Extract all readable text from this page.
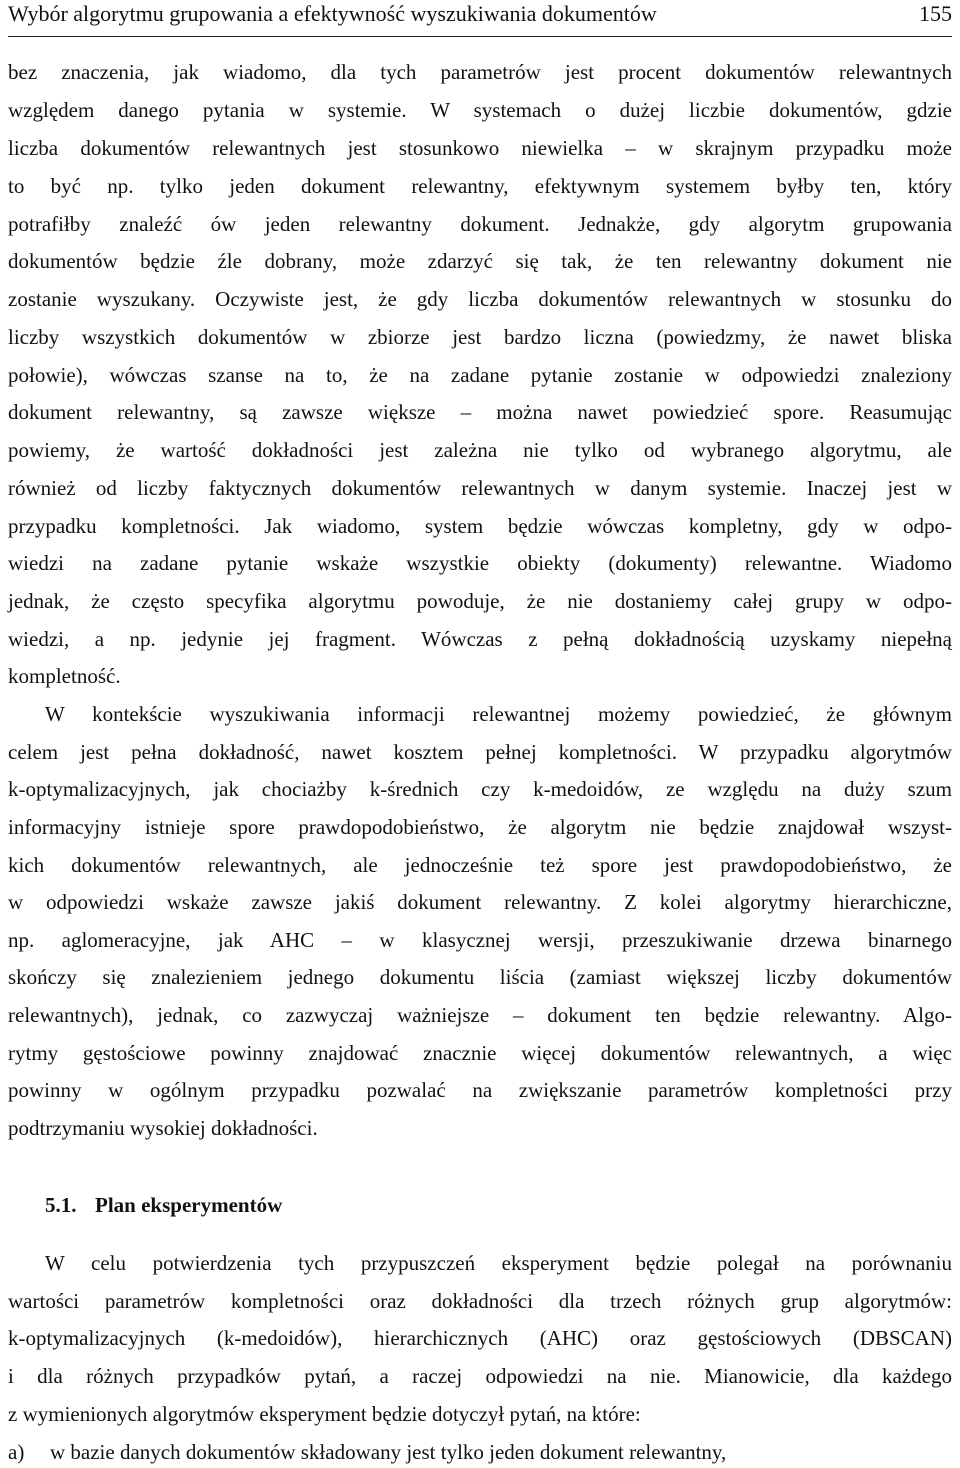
Wybór algorytmu grupowania a efektywność wyszukiwania dokumentów	155
bez znaczenia, jak wiadomo, dla tych parametrów jest procent dokumentów relewantnych
względem danego pytania w systemie. W systemach o dużej liczbie dokumentów, gdzie
liczba dokumentów relewantnych jest stosunkowo niewielka – w skrajnym przypadku może
to być np. tylko jeden dokument relewantny, efektywnym systemem byłby ten, który
potrafiłby znaleźć ów jeden relewantny dokument. Jednakże, gdy algorytm grupowania
dokumentów będzie źle dobrany, może zdarzyć się tak, że ten relewantny dokument nie
zostanie wyszukany. Oczywiste jest, że gdy liczba dokumentów relewantnych w stosunku do
liczby wszystkich dokumentów w zbiorze jest bardzo liczna (powiedzmy, że nawet bliska
połowie), wówczas szanse na to, że na zadane pytanie zostanie w odpowiedzi znaleziony
dokument relewantny, są zawsze większe – można nawet powiedzieć spore. Reasumując
powiemy, że wartość dokładności jest zależna nie tylko od wybranego algorytmu, ale
również od liczby faktycznych dokumentów relewantnych w danym systemie. Inaczej jest w
przypadku kompletności. Jak wiadomo, system będzie wówczas kompletny, gdy w odpo-
wiedzi na zadane pytanie wskaże wszystkie obiekty (dokumenty) relewantne. Wiadomo
jednak, że często specyfika algorytmu powoduje, że nie dostaniemy całej grupy w odpo-
wiedzi, a np. jedynie jej fragment. Wówczas z pełną dokładnością uzyskamy niepełną
kompletność.
W kontekście wyszukiwania informacji relewantnej możemy powiedzieć, że głównym
celem jest pełna dokładność, nawet kosztem pełnej kompletności. W przypadku algorytmów
k-optymalizacyjnych, jak chociażby k-średnich czy k-medoidów, ze względu na duży szum
informacyjny istnieje spore prawdopodobieństwo, że algorytm nie będzie znajdował wszyst-
kich dokumentów relewantnych, ale jednocześnie też spore jest prawdopodobieństwo, że
w odpowiedzi wskaże zawsze jakiś dokument relewantny. Z kolei algorytmy hierarchiczne,
np. aglomeracyjne, jak AHC – w klasycznej wersji, przeszukiwanie drzewa binarnego
skończy się znalezieniem jednego dokumentu liścia (zamiast większej liczby dokumentów
relewantnych), jednak, co zazwyczaj ważniejsze – dokument ten będzie relewantny. Algo-
rytmy gęstościowe powinny znajdować znacznie więcej dokumentów relewantnych, a więc
powinny w ogólnym przypadku pozwalać na zwiększanie parametrów kompletności przy
podtrzymaniu wysokiej dokładności.
5.1. Plan eksperymentów
W celu potwierdzenia tych przypuszczeń eksperyment będzie polegał na porównaniu
wartości parametrów kompletności oraz dokładności dla trzech różnych grup algorytmów:
k-optymalizacyjnych (k-medoidów), hierarchicznych (AHC) oraz gęstościowych (DBSCAN)
i dla różnych przypadków pytań, a raczej odpowiedzi na nie. Mianowicie, dla każdego
z wymienionych algorytmów eksperyment będzie dotyczył pytań, na które:
a) w bazie danych dokumentów składowany jest tylko jeden dokument relewantny,
